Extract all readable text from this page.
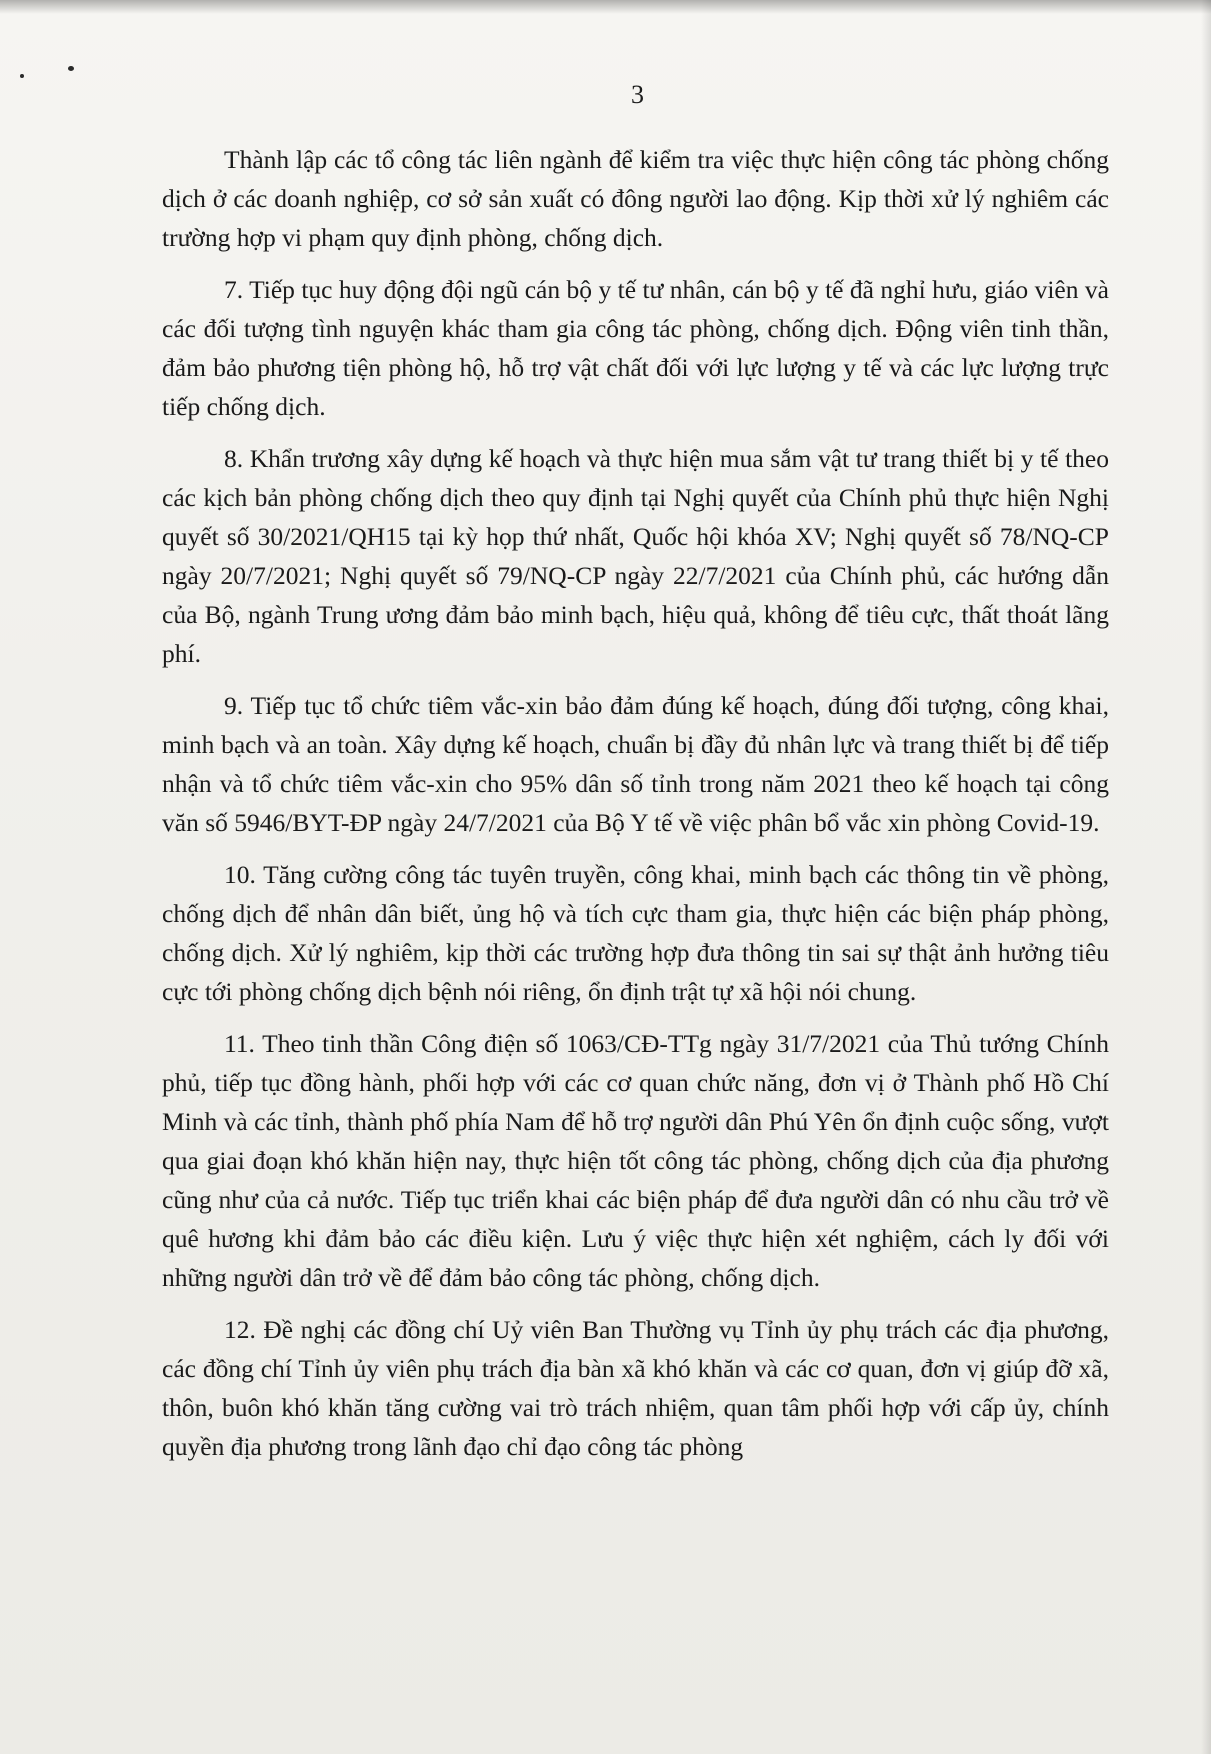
3

Thành lập các tổ công tác liên ngành để kiểm tra việc thực hiện công tác phòng chống dịch ở các doanh nghiệp, cơ sở sản xuất có đông người lao động. Kịp thời xử lý nghiêm các trường hợp vi phạm quy định phòng, chống dịch.

7. Tiếp tục huy động đội ngũ cán bộ y tế tư nhân, cán bộ y tế đã nghỉ hưu, giáo viên và các đối tượng tình nguyện khác tham gia công tác phòng, chống dịch. Động viên tinh thần, đảm bảo phương tiện phòng hộ, hỗ trợ vật chất đối với lực lượng y tế và các lực lượng trực tiếp chống dịch.

8. Khẩn trương xây dựng kế hoạch và thực hiện mua sắm vật tư trang thiết bị y tế theo các kịch bản phòng chống dịch theo quy định tại Nghị quyết của Chính phủ thực hiện Nghị quyết số 30/2021/QH15 tại kỳ họp thứ nhất, Quốc hội khóa XV; Nghị quyết số 78/NQ-CP ngày 20/7/2021; Nghị quyết số 79/NQ-CP ngày 22/7/2021 của Chính phủ, các hướng dẫn của Bộ, ngành Trung ương đảm bảo minh bạch, hiệu quả, không để tiêu cực, thất thoát lãng phí.

9. Tiếp tục tổ chức tiêm vắc-xin bảo đảm đúng kế hoạch, đúng đối tượng, công khai, minh bạch và an toàn. Xây dựng kế hoạch, chuẩn bị đầy đủ nhân lực và trang thiết bị để tiếp nhận và tổ chức tiêm vắc-xin cho 95% dân số tỉnh trong năm 2021 theo kế hoạch tại công văn số 5946/BYT-ĐP ngày 24/7/2021 của Bộ Y tế về việc phân bổ vắc xin phòng Covid-19.

10. Tăng cường công tác tuyên truyền, công khai, minh bạch các thông tin về phòng, chống dịch để nhân dân biết, ủng hộ và tích cực tham gia, thực hiện các biện pháp phòng, chống dịch. Xử lý nghiêm, kịp thời các trường hợp đưa thông tin sai sự thật ảnh hưởng tiêu cực tới phòng chống dịch bệnh nói riêng, ổn định trật tự xã hội nói chung.

11. Theo tinh thần Công điện số 1063/CĐ-TTg ngày 31/7/2021 của Thủ tướng Chính phủ, tiếp tục đồng hành, phối hợp với các cơ quan chức năng, đơn vị ở Thành phố Hồ Chí Minh và các tỉnh, thành phố phía Nam để hỗ trợ người dân Phú Yên ổn định cuộc sống, vượt qua giai đoạn khó khăn hiện nay, thực hiện tốt công tác phòng, chống dịch của địa phương cũng như của cả nước. Tiếp tục triển khai các biện pháp để đưa người dân có nhu cầu trở về quê hương khi đảm bảo các điều kiện. Lưu ý việc thực hiện xét nghiệm, cách ly đối với những người dân trở về để đảm bảo công tác phòng, chống dịch.

12. Đề nghị các đồng chí Uỷ viên Ban Thường vụ Tỉnh ủy phụ trách các địa phương, các đồng chí Tỉnh ủy viên phụ trách địa bàn xã khó khăn và các cơ quan, đơn vị giúp đỡ xã, thôn, buôn khó khăn tăng cường vai trò trách nhiệm, quan tâm phối hợp với cấp ủy, chính quyền địa phương trong lãnh đạo chỉ đạo công tác phòng
